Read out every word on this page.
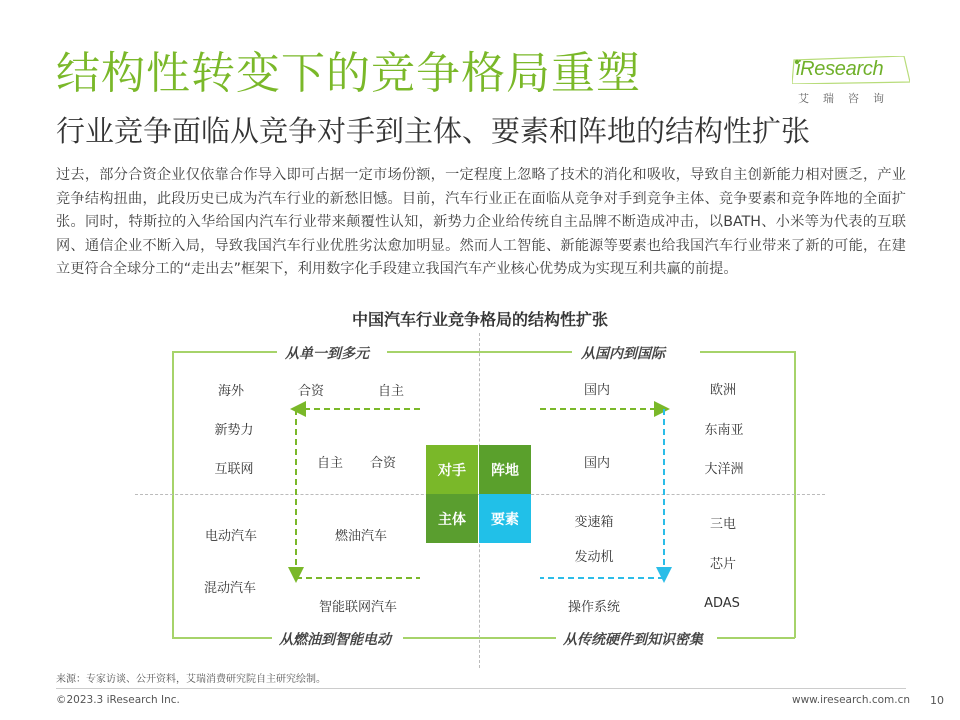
结构性转变下的竞争格局重塑
行业竞争面临从竞争对手到主体、要素和阵地的结构性扩张
iResearch
艾瑞咨询
过去，部分合资企业仅依靠合作导入即可占据一定市场份额，一定程度上忽略了技术的消化和吸收，导致自主创新能力相对匮乏，产业竞争结构扭曲，此段历史已成为汽车行业的新愁旧憾。目前，汽车行业正在面临从竞争对手到竞争主体、竞争要素和竞争阵地的全面扩张。同时，特斯拉的入华给国内汽车行业带来颠覆性认知，新势力企业给传统自主品牌不断造成冲击，以BATH、小米等为代表的互联网、通信企业不断入局，导致我国汽车行业优胜劣汰愈加明显。然而人工智能、新能源等要素也给我国汽车行业带来了新的可能，在建立更符合全球分工的“走出去”框架下，利用数字化手段建立我国汽车产业核心优势成为实现互利共赢的前提。
中国汽车行业竞争格局的结构性扩张
从单一到多元	从国内到国际
从燃油到智能电动	从传统硬件到知识密集
海外	合资	自主
新势力
互联网	自主 合资
国内
国内
欧洲
东南亚
大洋洲
电动汽车
混动汽车
智能联网汽车
燃油汽车
变速箱
发动机
操作系统
三电
芯片
ADAS
对手	阵地
主体	要素
来源：专家访谈、公开资料，艾瑞消费研究院自主研究绘制。
©2023.3 iResearch Inc.	www.iresearch.com.cn 10
